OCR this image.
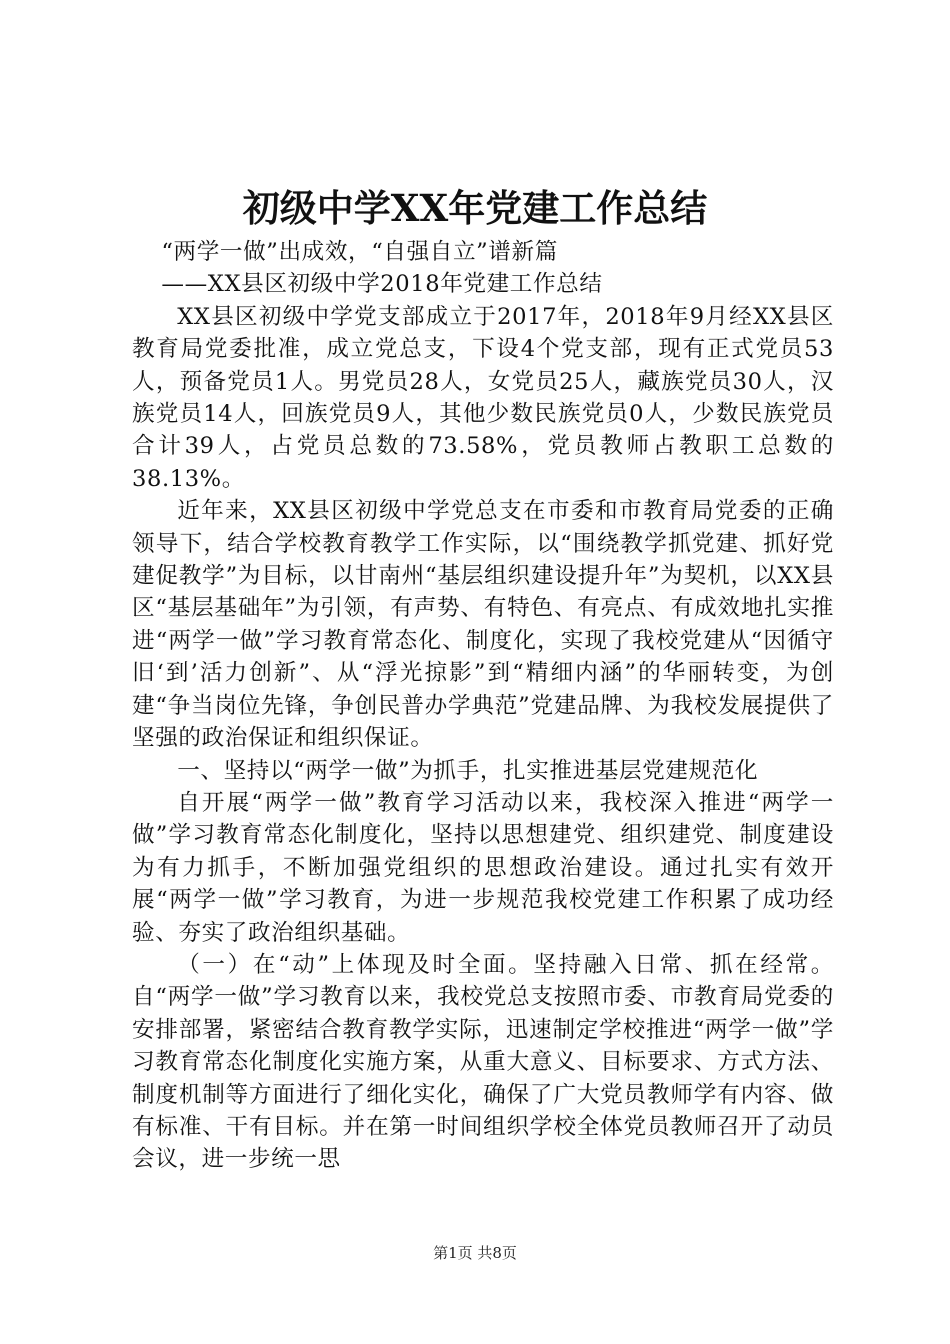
初级中学XX年党建工作总结

“两学一做”出成效，“自强自立”谱新篇

——XX县区初级中学2018年党建工作总结

XX县区初级中学党支部成立于2017年，2018年9月经XX县区教育局党委批准，成立党总支，下设4个党支部，现有正式党员53人，预备党员1人。男党员28人，女党员25人，藏族党员30人，汉族党员14人，回族党员9人，其他少数民族党员0人，少数民族党员合计39人，占党员总数的73.58%，党员教师占教职工总数的38.13%。

近年来，XX县区初级中学党总支在市委和市教育局党委的正确领导下，结合学校教育教学工作实际，以“围绕教学抓党建、抓好党建促教学”为目标，以甘南州“基层组织建设提升年”为契机，以XX县区“基层基础年”为引领，有声势、有特色、有亮点、有成效地扎实推进“两学一做”学习教育常态化、制度化，实现了我校党建从“因循守旧‘到’活力创新”、从“浮光掠影”到“精细内涵”的华丽转变，为创建“争当岗位先锋，争创民普办学典范”党建品牌、为我校发展提供了坚强的政治保证和组织保证。

一、坚持以“两学一做”为抓手，扎实推进基层党建规范化

自开展“两学一做”教育学习活动以来，我校深入推进“两学一做”学习教育常态化制度化，坚持以思想建党、组织建党、制度建设为有力抓手，不断加强党组织的思想政治建设。通过扎实有效开展“两学一做”学习教育，为进一步规范我校党建工作积累了成功经验、夯实了政治组织基础。

（一）在“动”上体现及时全面。坚持融入日常、抓在经常。自“两学一做”学习教育以来，我校党总支按照市委、市教育局党委的安排部署，紧密结合教育教学实际，迅速制定学校推进“两学一做”学习教育常态化制度化实施方案，从重大意义、目标要求、方式方法、制度机制等方面进行了细化实化，确保了广大党员教师学有内容、做有标准、干有目标。并在第一时间组织学校全体党员教师召开了动员会议，进一步统一思

第1页 共8页
